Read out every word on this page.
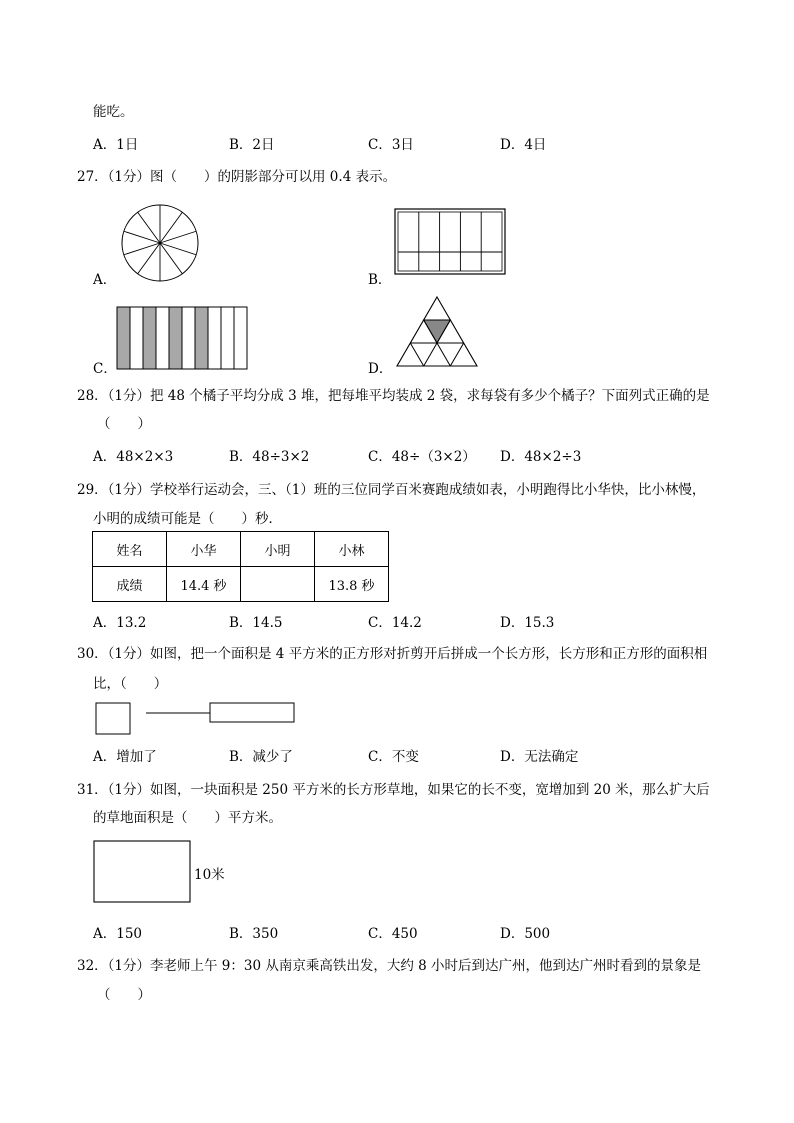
能吃。
A．1日	B．2日	C．3日	D．4日
27．（1分）图（　　）的阴影部分可以用 0.4 表示。
A．	B．
C．	D．
28．（1分）把 48 个橘子平均分成 3 堆，把每堆平均装成 2 袋，求每袋有多少个橘子？下面列式正确的是
（　　）
A．48×2×3	B．48÷3×2	C．48÷（3×2） D．48×2÷3
29．（1分）学校举行运动会，三、（1）班的三位同学百米赛跑成绩如表，小明跑得比小华快，比小林慢，
小明的成绩可能是（　　）秒．
姓名	小华	小明	小林
成绩	14.4 秒		13.8 秒
A．13.2	B．14.5	C．14.2	D．15.3
30．（1分）如图，把一个面积是 4 平方米的正方形对折剪开后拼成一个长方形，长方形和正方形的面积相
比，（　　）
A．增加了	B．减少了	C．不变	D．无法确定
31．（1分）如图，一块面积是 250 平方米的长方形草地，如果它的长不变，宽增加到 20 米，那么扩大后
的草地面积是（　　）平方米。
10米
A．150	B．350	C．450	D．500
32．（1分）李老师上午 9：30 从南京乘高铁出发，大约 8 小时后到达广州，他到达广州时看到的景象是
（　　）
